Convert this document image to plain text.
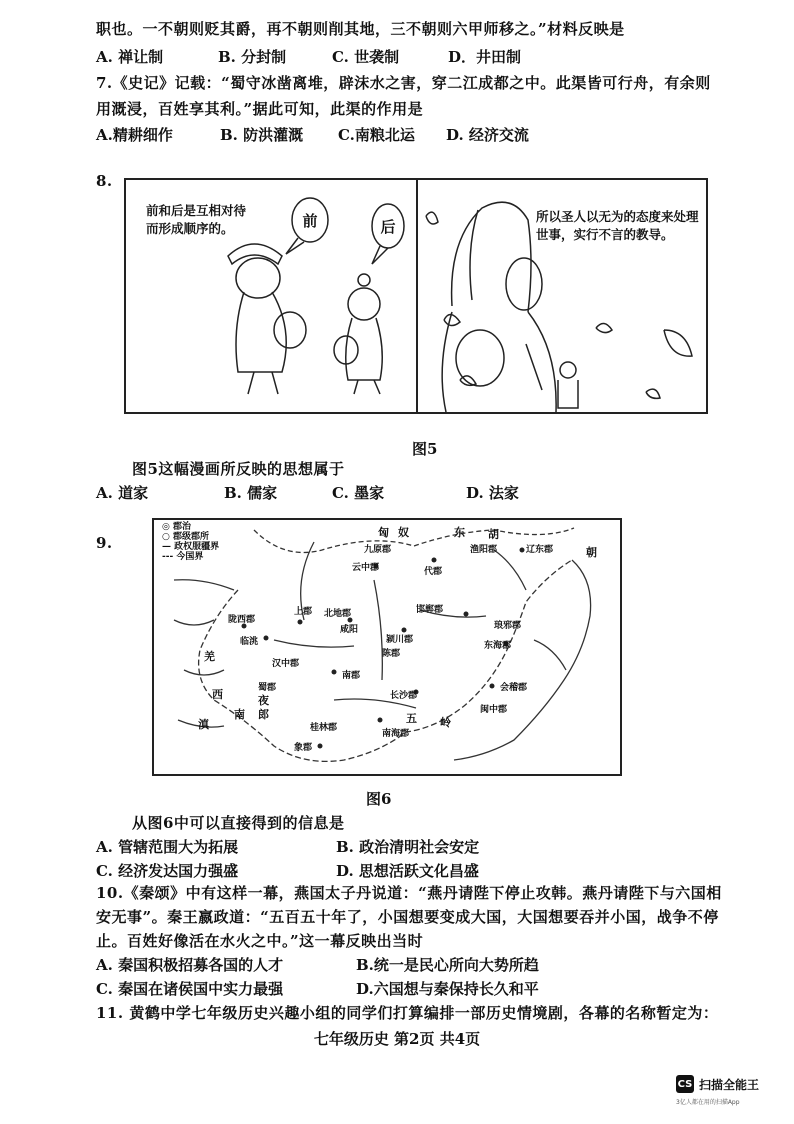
职也。一不朝则贬其爵，再不朝则削其地，三不朝则六甲师移之。”材料反映是
A. 禅让制	B. 分封制	C. 世袭制	D．井田制
7.《史记》记载：“蜀守冰凿离堆，辟沫水之害，穿二江成都之中。此渠皆可行舟，有余则
用溉浸，百姓享其利。”据此可知，此渠的作用是
A.精耕细作	B. 防洪灌溉 C.南粮北运 D. 经济交流
8.
前和后是互相对待
而形成顺序的。
所以圣人以无为的态度来处理
世事，实行不言的教导。
前	后
图5
图5这幅漫画所反映的思想属于
A. 道家	B. 儒家	C. 墨家	D. 法家
9.
◎ 郡治
○ 郡级郡所
— 政权服疆界
--- 今国界
匈 奴	东 胡
九原郡
云中郡	代郡
渔阳郡	辽东郡	朝
陇西郡
上郡 北地郡
咸阳
邯郸郡
琅邪郡
临洮
汉中郡
颍川郡
陈郡
东海郡
羌
蜀郡
南郡
会稽郡
西	夜
郎
长沙郡
南	闽中郡
滇	桂林郡
象郡
南海郡
五 岭
图6
从图6中可以直接得到的信息是
A. 管辖范围大为拓展	B. 政治清明社会安定
C. 经济发达国力强盛	D. 思想活跃文化昌盛
10.《秦颂》中有这样一幕，燕国太子丹说道：“燕丹请陛下停止攻韩。燕丹请陛下与六国相
安无事”。秦王嬴政道：“五百五十年了，小国想要变成大国，大国想要吞并小国，战争不停
止。百姓好像活在水火之中。”这一幕反映出当时
A. 秦国积极招募各国的人才	B.统一是民心所向大势所趋
C. 秦国在诸侯国中实力最强	D.六国想与秦保持长久和平
11. 黄鹤中学七年级历史兴趣小组的同学们打算编排一部历史情境剧，各幕的名称暂定为：
七年级历史 第2页 共4页
CS 扫描全能王
3亿人都在用的扫描App
